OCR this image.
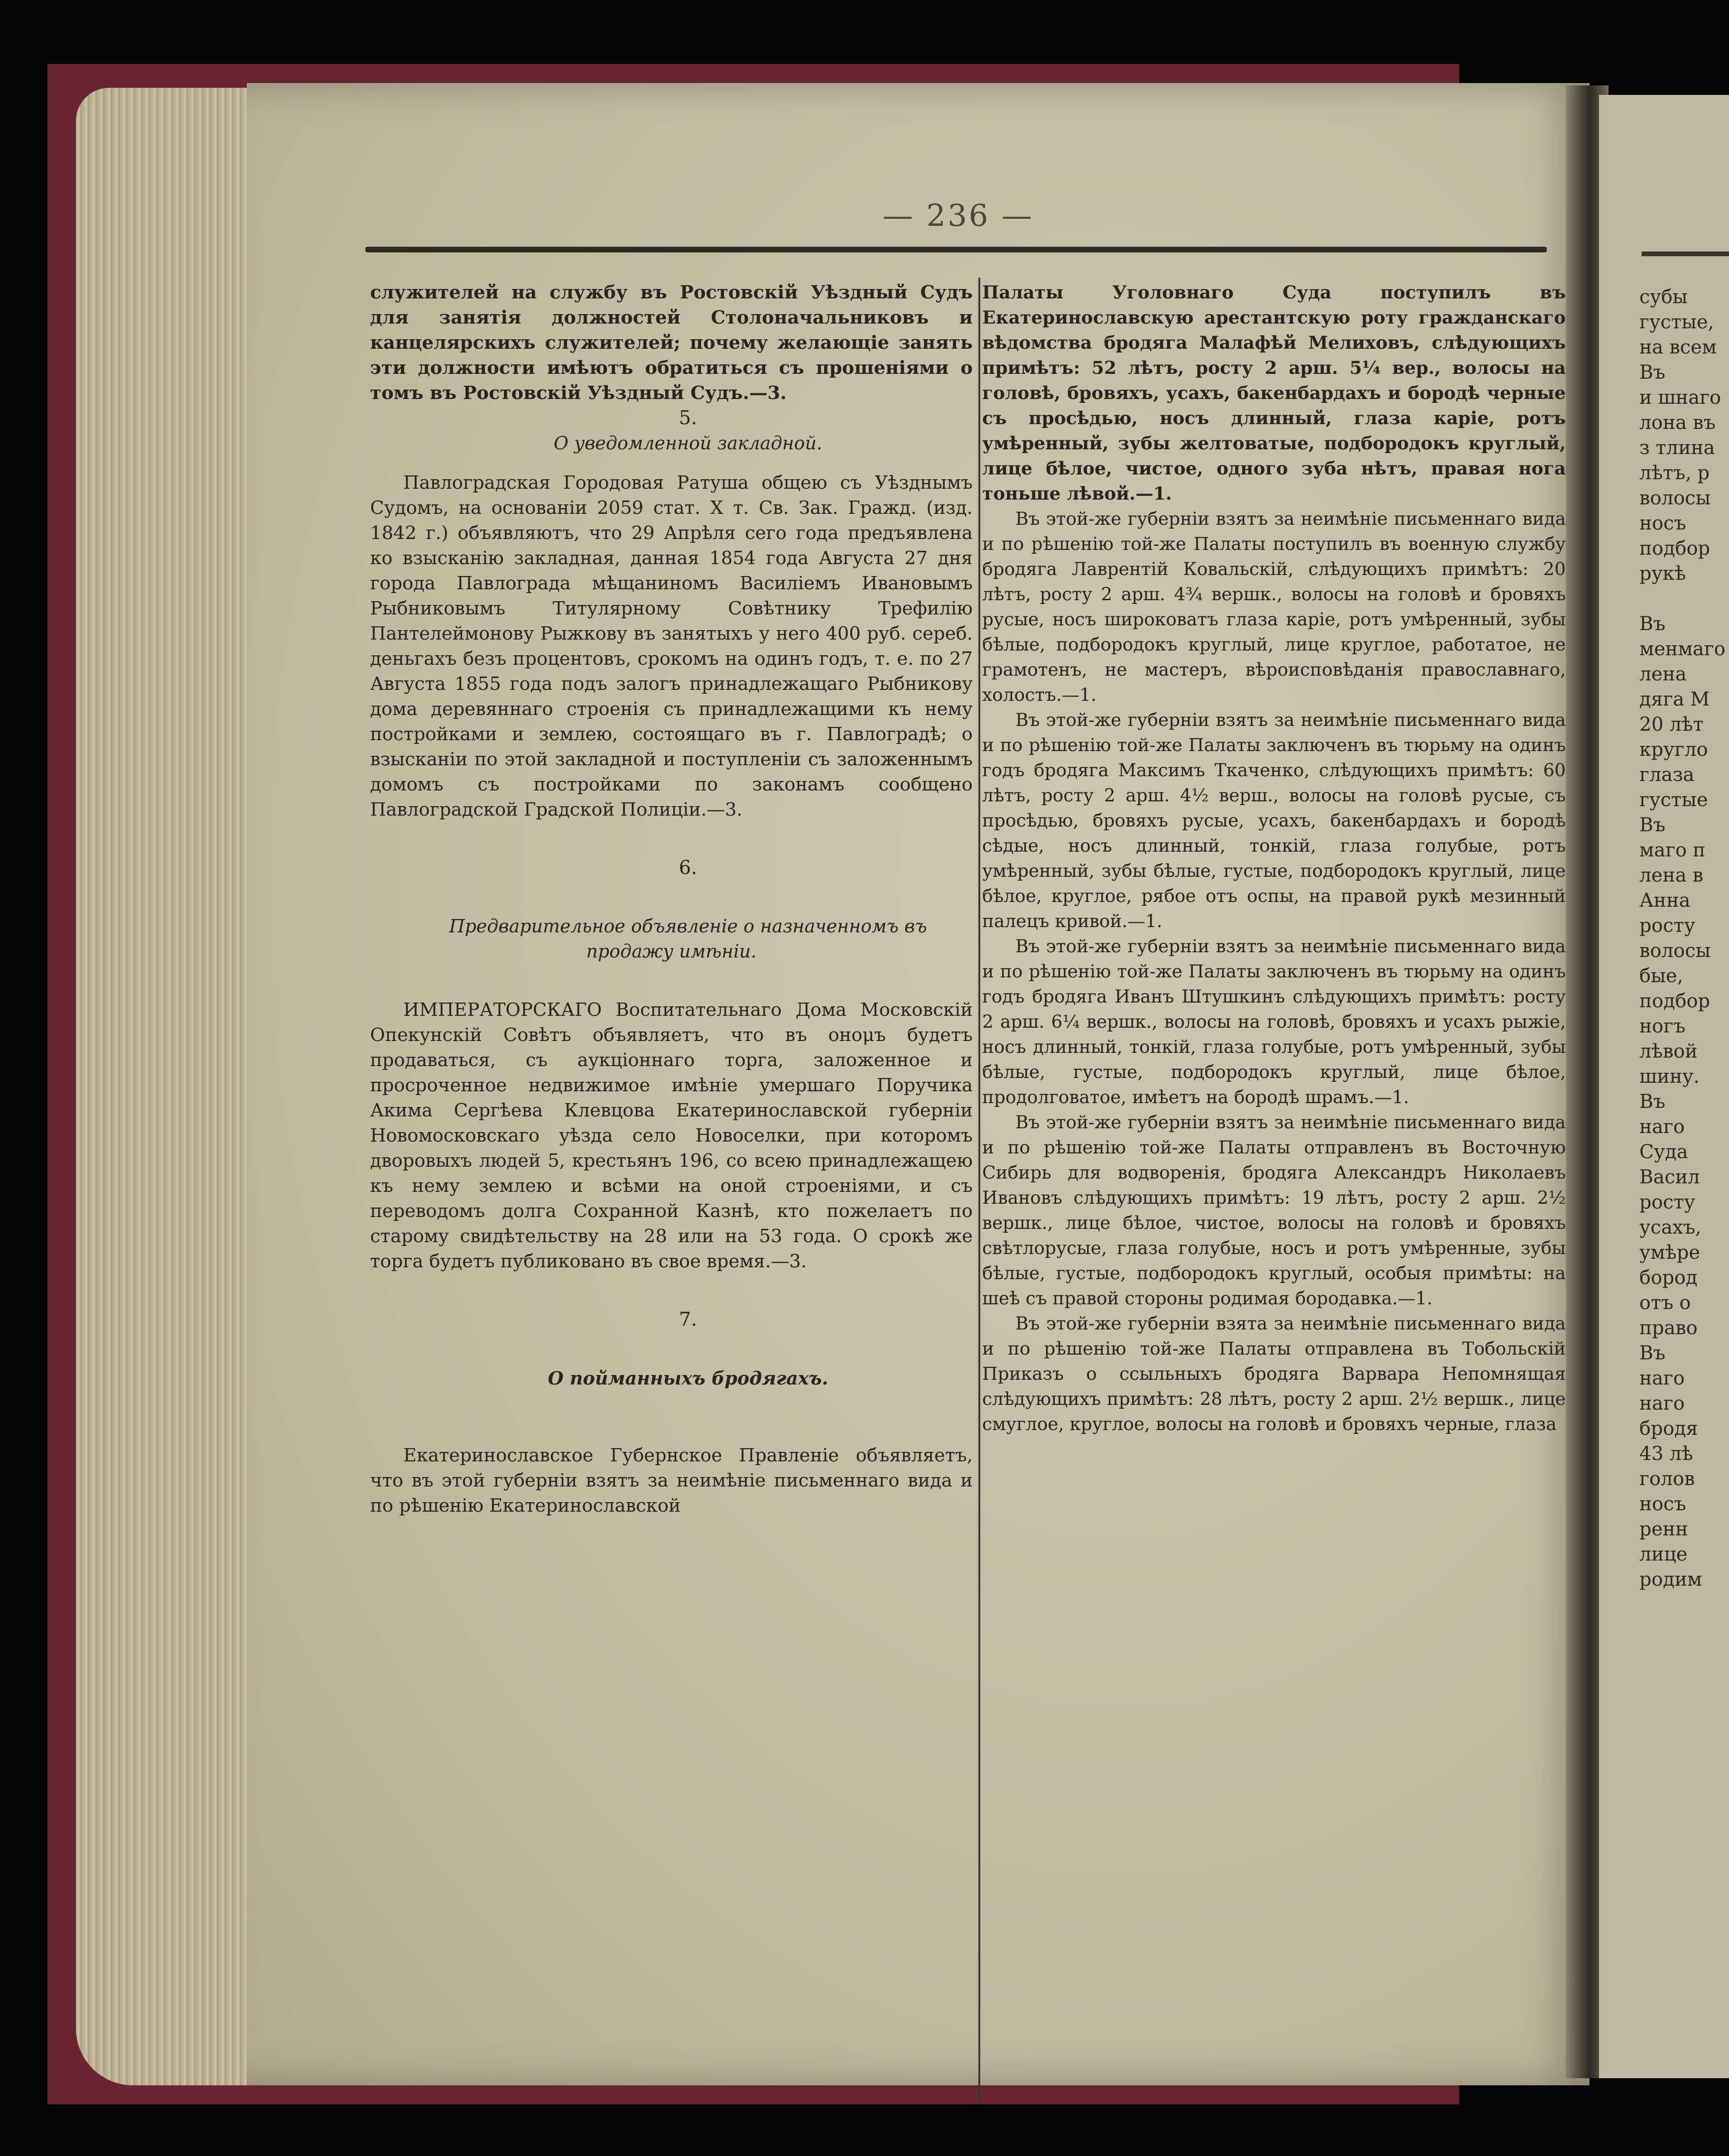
субы
густые,
на всем
Въ
и шнаго
лона въ
з тлина
лѣтъ, р
волосы
носъ
подбор
рукѣ

Въ
менмаго
лена
дяга М
20 лѣт
кругло
глаза
густые
Въ
маго п
лена в
Анна
росту
волосы
бые,
подбор
ногъ
лѣвой
шину.
Въ
наго
Суда
Васил
росту
усахъ,
умѣре
бород
отъ о
право
Въ
наго
наго
бродя
43 лѣ
голов
носъ
ренн
лице
родим
— 236 —

служителей на службу въ Ростовскій Уѣздный Судъ для занятія должностей Столоначальниковъ и канцелярскихъ служителей; почему желающіе занять эти должности имѣютъ обратиться съ прошеніями о томъ въ Ростовскій Уѣздный Судъ.—3.

5.

О уведомленной закладной.

Павлоградская Городовая Ратуша общею съ Уѣзднымъ Судомъ, на основаніи 2059 стат. X т. Св. Зак. Гражд. (изд. 1842 г.) объявляютъ, что 29 Апрѣля сего года предъявлена ко взысканію закладная, данная 1854 года Августа 27 дня города Павлограда мѣщаниномъ Василіемъ Ивановымъ Рыбниковымъ Титулярному Совѣтнику Трефилію Пантелеймонову Рыжкову въ занятыхъ у него 400 руб. сереб. деньгахъ безъ процентовъ, срокомъ на одинъ годъ, т. е. по 27 Августа 1855 года подъ залогъ принадлежащаго Рыбникову дома деревяннаго строенія съ принадлежащими къ нему постройками и землею, состоящаго въ г. Павлоградѣ; о взысканіи по этой закладной и поступленіи съ заложеннымъ домомъ съ постройками по законамъ сообщено Павлоградской Градской Полиціи.—3.

6.

Предварительное объявленіе о назначенномъ въ продажу имѣніи.

ИМПЕРАТОРСКАГО Воспитательнаго Дома Московскій Опекунскій Совѣтъ объявляетъ, что въ онομъ будетъ продаваться, съ аукціоннаго торга, заложенное и просроченное недвижимое имѣніе умершаго Поручика Акима Сергѣева Клевцова Екатеринославской губерніи Новомосковскаго уѣзда село Новоселки, при которомъ дворовыхъ людей 5, крестьянъ 196, со всею принадлежащею къ нему землею и всѣми на оной строеніями, и съ переводомъ долга Сохранной Казнѣ, кто пожелаетъ по старому свидѣтельству на 28 или на 53 года. О срокѣ же торга будетъ публиковано въ свое время.—3.

7.

О пойманныхъ бродягахъ.

Екатеринославское Губернское Правленіе объявляетъ, что въ этой губерніи взятъ за неимѣніе письменнаго вида и по рѣшенію Екатеринославской

Палаты Уголовнаго Суда поступилъ въ Екатеринославскую арестантскую роту гражданскаго вѣдомства бродяга Малафѣй Мелиховъ, слѣдующихъ примѣтъ: 52 лѣтъ, росту 2 арш. 5¼ вер., волосы на головѣ, бровяхъ, усахъ, бакенбардахъ и бородѣ черные съ просѣдью, носъ длинный, глаза каріе, ротъ умѣренный, зубы желтоватые, подбородокъ круглый, лице бѣлое, чистое, одного зуба нѣтъ, правая нога тоньше лѣвой.—1.

Въ этой-же губерніи взятъ за неимѣніе письменнаго вида и по рѣшенію той-же Палаты поступилъ въ военную службу бродяга Лаврентій Ковальскій, слѣдующихъ примѣтъ: 20 лѣтъ, росту 2 арш. 4¾ вершк., волосы на головѣ и бровяхъ русые, носъ широковатъ глаза каріе, ротъ умѣренный, зубы бѣлые, подбородокъ круглый, лице круглое, работатое, не грамотенъ, не мастеръ, вѣроисповѣданія православнаго, холостъ.—1.

Въ этой-же губерніи взятъ за неимѣніе письменнаго вида и по рѣшенію той-же Палаты заключенъ въ тюрьму на одинъ годъ бродяга Максимъ Ткаченко, слѣдующихъ примѣтъ: 60 лѣтъ, росту 2 арш. 4½ верш., волосы на головѣ русые, съ просѣдью, бровяхъ русые, усахъ, бакенбардахъ и бородѣ сѣдые, носъ длинный, тонкій, глаза голубые, ротъ умѣренный, зубы бѣлые, густые, подбородокъ круглый, лице бѣлое, круглое, рябое отъ оспы, на правой рукѣ мезинный палецъ кривой.—1.

Въ этой-же губерніи взятъ за неимѣніе письменнаго вида и по рѣшенію той-же Палаты заключенъ въ тюрьму на одинъ годъ бродяга Иванъ Штушкинъ слѣдующихъ примѣтъ: росту 2 арш. 6¼ вершк., волосы на головѣ, бровяхъ и усахъ рыжіе, носъ длинный, тонкій, глаза голубые, ротъ умѣренный, зубы бѣлые, густые, подбородокъ круглый, лице бѣлое, продолговатое, имѣетъ на бородѣ шрамъ.—1.

Въ этой-же губерніи взятъ за неимѣніе письменнаго вида и по рѣшенію той-же Палаты отправленъ въ Восточную Сибирь для водворенія, бродяга Александръ Николаевъ Ивановъ слѣдующихъ примѣтъ: 19 лѣтъ, росту 2 арш. 2½ вершк., лице бѣлое, чистое, волосы на головѣ и бровяхъ свѣтлорусые, глаза голубые, носъ и ротъ умѣренные, зубы бѣлые, густые, подбородокъ круглый, особыя примѣты: на шеѣ съ правой стороны родимая бородавка.—1.

Въ этой-же губерніи взята за неимѣніе письменнаго вида и по рѣшенію той-же Палаты отправлена въ Тобольскій Приказъ о ссыльныхъ бродяга Варвара Непомнящая слѣдующихъ примѣтъ: 28 лѣтъ, росту 2 арш. 2½ вершк., лице смуглое, круглое, волосы на головѣ и бровяхъ черные, глаза
